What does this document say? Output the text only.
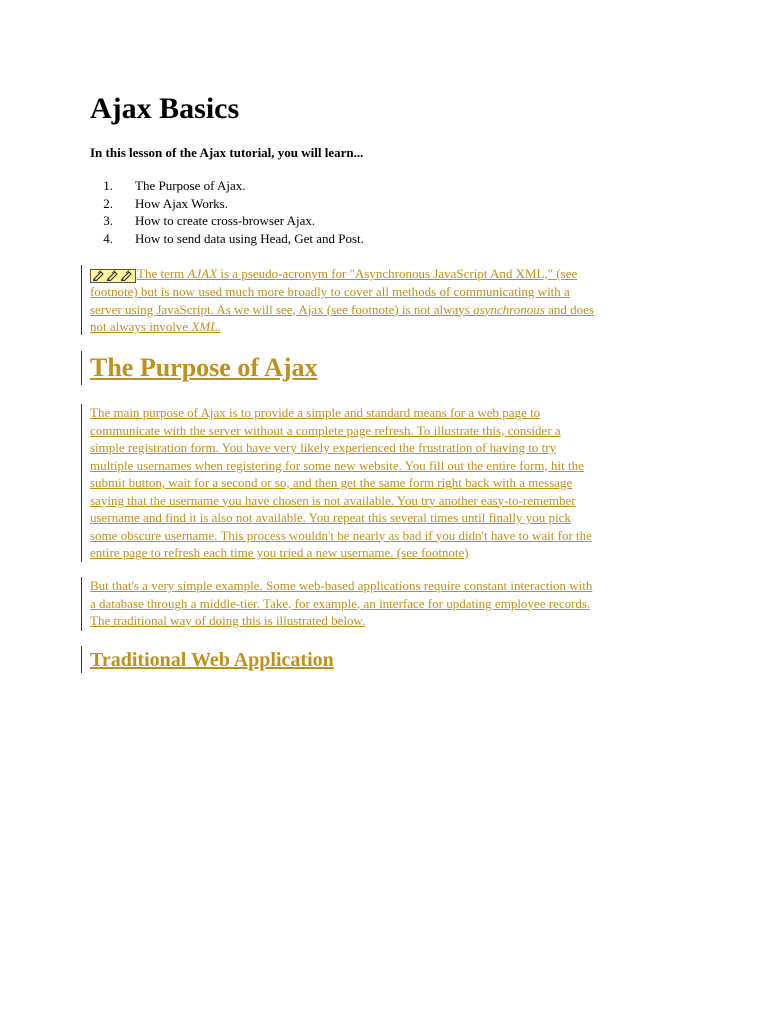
Ajax Basics

In this lesson of the Ajax tutorial, you will learn...

1. The Purpose of Ajax.
2. How Ajax Works.
3. How to create cross-browser Ajax.
4. How to send data using Head, Get and Post.
The term AJAX is a pseudo-acronym for "Asynchronous JavaScript And XML," (see
footnote) but is now used much more broadly to cover all methods of communicating with a
server using JavaScript. As we will see, Ajax (see footnote) is not always asynchronous and does
not always involve XML.
The Purpose of Ajax
The main purpose of Ajax is to provide a simple and standard means for a web page to
communicate with the server without a complete page refresh. To illustrate this, consider a
simple registration form. You have very likely experienced the frustration of having to try
multiple usernames when registering for some new website. You fill out the entire form, hit the
submit button, wait for a second or so, and then get the same form right back with a message
saying that the username you have chosen is not available. You try another easy-to-remember
username and find it is also not available. You repeat this several times until finally you pick
some obscure username. This process wouldn't be nearly as bad if you didn't have to wait for the
entire page to refresh each time you tried a new username. (see footnote)
But that's a very simple example. Some web-based applications require constant interaction with
a database through a middle-tier. Take, for example, an interface for updating employee records.
The traditional way of doing this is illustrated below.
Traditional Web Application
